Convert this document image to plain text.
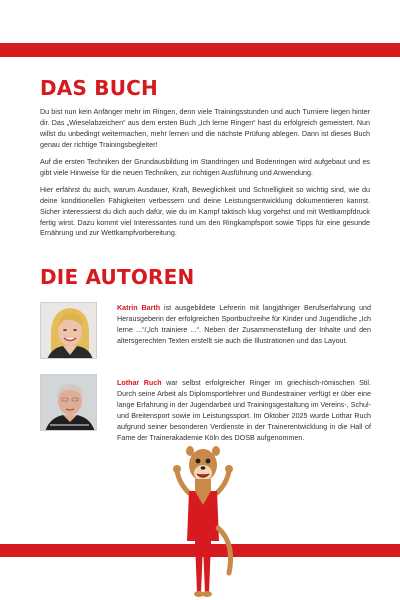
DAS BUCH

Du bist nun kein Anfänger mehr im Ringen, denn viele Trainingsstunden und auch Turniere liegen hinter dir. Das „Wieselabzeichen“ aus dem ersten Buch „Ich lerne Ringen“ hast du erfolgreich gemeistert. Nun willst du unbedingt weitermachen, mehr lernen und die nächste Prüfung ablegen. Dann ist dieses Buch genau der richtige Trainingsbegleiter!

Auf die ersten Techniken der Grundausbildung im Standringen und Bodenringen wird aufgebaut und es gibt viele Hinweise für die neuen Techniken, zur richtigen Ausführung und Anwendung.

Hier erfährst du auch, warum Ausdauer, Kraft, Beweglichkeit und Schnelligkeit so wichtig sind, wie du deine konditionellen Fähigkeiten verbessern und deine Leistungsentwicklung dokumentieren kannst. Sicher interessierst du dich auch dafür, wie du im Kampf taktisch klug vorgehst und mit Wettkampfdruck fertig wirst. Dazu kommt viel Interessantes rund um den Ringkampfsport sowie Tipps für eine gesunde Ernährung und zur Wettkampfvorbereitung.

DIE AUTOREN

Katrin Barth ist ausgebildete Lehrerin mit langjähriger Berufserfahrung und Herausgeberin der erfolgreichen Sportbuchreihe für Kinder und Jugendliche „Ich lerne ...“/„Ich trainiere ...“. Neben der Zusammenstellung der Inhalte und den altersgerechten Texten erstellt sie auch die Illustrationen und das Layout.

Lothar Ruch war selbst erfolgreicher Ringer im griechisch-römischen Stil. Durch seine Arbeit als Diplomsportlehrer und Bundestrainer verfügt er über eine lange Erfahrung in der Jugendarbeit und Trainingsgestaltung im Vereins-, Schul- und Breitensport sowie im Leistungssport. Im Oktober 2025 wurde Lothar Ruch aufgrund seiner besonderen Verdienste in der Trainerentwicklung in die Hall of Fame der Trainerakademie Köln des DOSB aufgenommen.
